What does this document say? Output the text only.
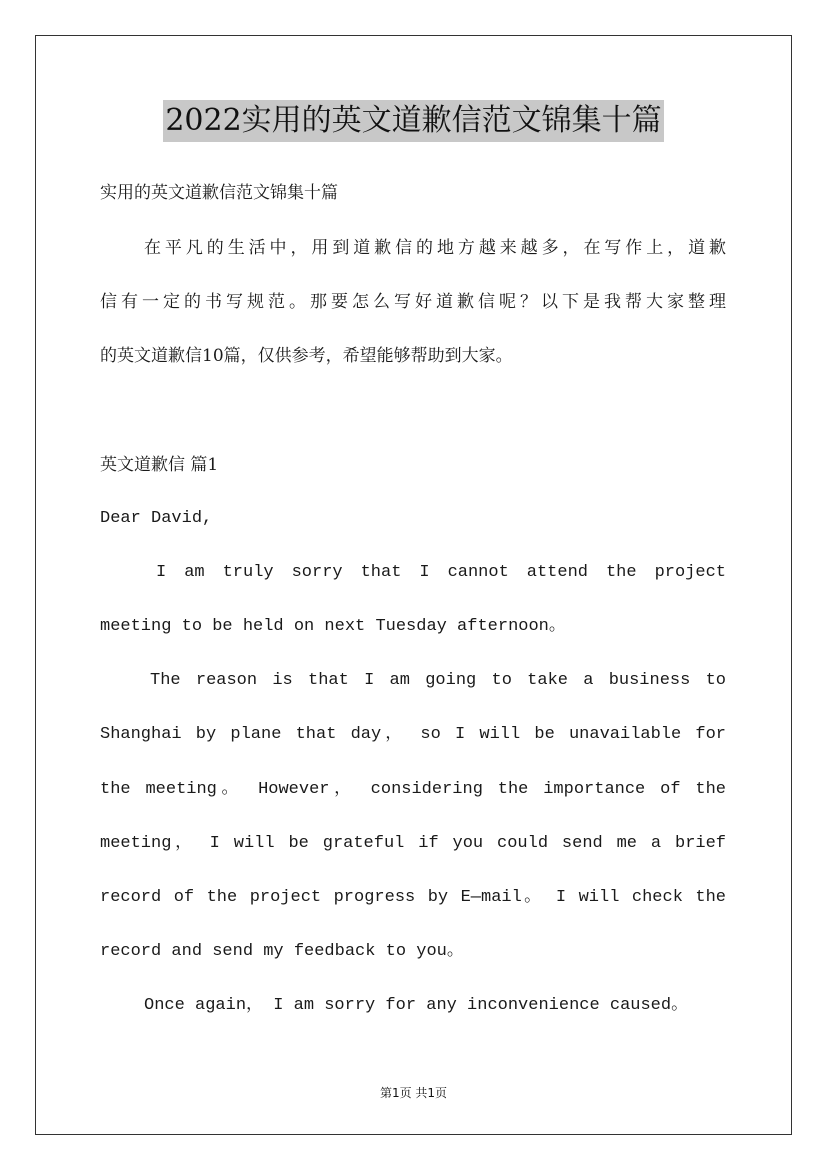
2022实用的英文道歉信范文锦集十篇
实用的英文道歉信范文锦集十篇
在平凡的生活中，用到道歉信的地方越来越多，在写作上，道歉
信有一定的书写规范。那要怎么写好道歉信呢？以下是我帮大家整理
的英文道歉信10篇，仅供参考，希望能够帮助到大家。
英文道歉信 篇1
Dear David,
I am truly sorry that I cannot attend the project
meeting to be held on next Tuesday afternoon。
The reason is that I am going to take a business to
Shanghai by plane that day， so I will be unavailable for
the meeting。 However， considering the importance of the
meeting， I will be grateful if you could send me a brief
record of the project progress by E—mail。 I will check the
record and send my feedback to you。
Once again， I am sorry for any inconvenience caused。
第1页 共1页
